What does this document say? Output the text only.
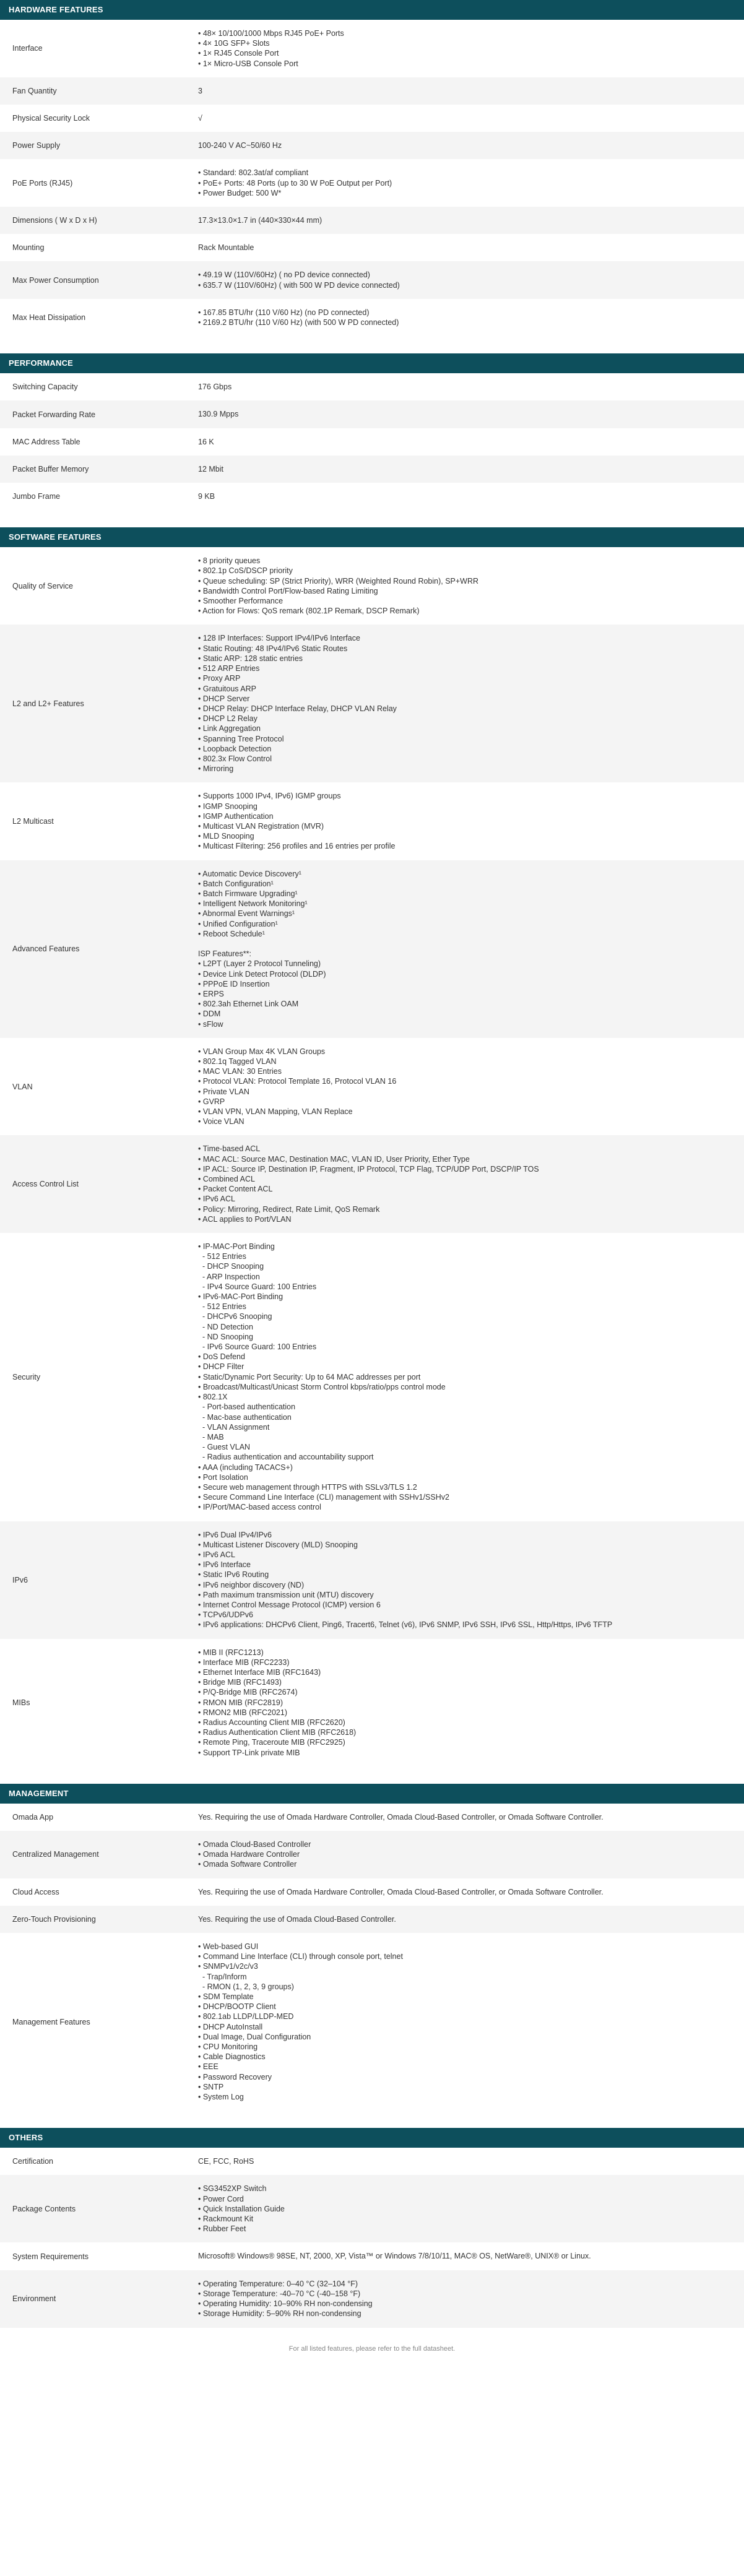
HARDWARE FEATURES
Interface
• 48× 10/100/1000 Mbps RJ45 PoE+ Ports
• 4× 10G SFP+ Slots
• 1× RJ45 Console Port
• 1× Micro-USB Console Port
Fan Quantity	3
Physical Security Lock	√
Power Supply	100-240 V AC~50/60 Hz
PoE Ports (RJ45)
• Standard: 802.3at/af compliant
• PoE+ Ports: 48 Ports (up to 30 W PoE Output per Port)
• Power Budget: 500 W*
Dimensions ( W x D x H)	17.3×13.0×1.7 in (440×330×44 mm)
Mounting	Rack Mountable
Max Power Consumption
• 49.19 W (110V/60Hz) ( no PD device connected)
• 635.7 W (110V/60Hz) ( with 500 W PD device connected)
Max Heat Dissipation
• 167.85 BTU/hr (110 V/60 Hz) (no PD connected)
• 2169.2 BTU/hr (110 V/60 Hz) (with 500 W PD connected)
PERFORMANCE
Switching Capacity	176 Gbps
Packet Forwarding Rate	130.9 Mpps
MAC Address Table	16 K
Packet Buffer Memory	12 Mbit
Jumbo Frame	9 KB
SOFTWARE FEATURES
Quality of Service
• 8 priority queues
• 802.1p CoS/DSCP priority
• Queue scheduling: SP (Strict Priority), WRR (Weighted Round Robin), SP+WRR
• Bandwidth Control Port/Flow-based Rating Limiting
• Smoother Performance
• Action for Flows: QoS remark (802.1P Remark, DSCP Remark)
L2 and L2+ Features
• 128 IP Interfaces: Support IPv4/IPv6 Interface
• Static Routing: 48 IPv4/IPv6 Static Routes
• Static ARP: 128 static entries
• 512 ARP Entries
• Proxy ARP
• Gratuitous ARP
• DHCP Server
• DHCP Relay: DHCP Interface Relay, DHCP VLAN Relay
• DHCP L2 Relay
• Link Aggregation
• Spanning Tree Protocol
• Loopback Detection
• 802.3x Flow Control
• Mirroring
L2 Multicast
• Supports 1000 IPv4, IPv6) IGMP groups
• IGMP Snooping
• IGMP Authentication
• Multicast VLAN Registration (MVR)
• MLD Snooping
• Multicast Filtering: 256 profiles and 16 entries per profile
Advanced Features
• Automatic Device Discovery¹
• Batch Configuration¹
• Batch Firmware Upgrading¹
• Intelligent Network Monitoring¹
• Abnormal Event Warnings¹
• Unified Configuration¹
• Reboot Schedule¹

ISP Features**:
• L2PT (Layer 2 Protocol Tunneling)
• Device Link Detect Protocol (DLDP)
• PPPoE ID Insertion
• ERPS
• 802.3ah Ethernet Link OAM
• DDM
• sFlow
VLAN
• VLAN Group Max 4K VLAN Groups
• 802.1q Tagged VLAN
• MAC VLAN: 30 Entries
• Protocol VLAN: Protocol Template 16, Protocol VLAN 16
• Private VLAN
• GVRP
• VLAN VPN, VLAN Mapping, VLAN Replace
• Voice VLAN
Access Control List
• Time-based ACL
• MAC ACL: Source MAC, Destination MAC, VLAN ID, User Priority, Ether Type
• IP ACL: Source IP, Destination IP, Fragment, IP Protocol, TCP Flag, TCP/UDP Port, DSCP/IP TOS
• Combined ACL
• Packet Content ACL
• IPv6 ACL
• Policy: Mirroring, Redirect, Rate Limit, QoS Remark
• ACL applies to Port/VLAN
Security
• IP-MAC-Port Binding
- 512 Entries
- DHCP Snooping
- ARP Inspection
- IPv4 Source Guard: 100 Entries
• IPv6-MAC-Port Binding
- 512 Entries
- DHCPv6 Snooping
- ND Detection
- ND Snooping
- IPv6 Source Guard: 100 Entries
• DoS Defend
• DHCP Filter
• Static/Dynamic Port Security: Up to 64 MAC addresses per port
• Broadcast/Multicast/Unicast Storm Control kbps/ratio/pps control mode
• 802.1X
- Port-based authentication
- Mac-base authentication
- VLAN Assignment
- MAB
- Guest VLAN
- Radius authentication and accountability support
• AAA (including TACACS+)
• Port Isolation
• Secure web management through HTTPS with SSLv3/TLS 1.2
• Secure Command Line Interface (CLI) management with SSHv1/SSHv2
• IP/Port/MAC-based access control
IPv6
• IPv6 Dual IPv4/IPv6
• Multicast Listener Discovery (MLD) Snooping
• IPv6 ACL
• IPv6 Interface
• Static IPv6 Routing
• IPv6 neighbor discovery (ND)
• Path maximum transmission unit (MTU) discovery
• Internet Control Message Protocol (ICMP) version 6
• TCPv6/UDPv6
• IPv6 applications: DHCPv6 Client, Ping6, Tracert6, Telnet (v6), IPv6 SNMP, IPv6 SSH, IPv6 SSL, Http/Https, IPv6 TFTP
MIBs
• MIB II (RFC1213)
• Interface MIB (RFC2233)
• Ethernet Interface MIB (RFC1643)
• Bridge MIB (RFC1493)
• P/Q-Bridge MIB (RFC2674)
• RMON MIB (RFC2819)
• RMON2 MIB (RFC2021)
• Radius Accounting Client MIB (RFC2620)
• Radius Authentication Client MIB (RFC2618)
• Remote Ping, Traceroute MIB (RFC2925)
• Support TP-Link private MIB
MANAGEMENT
Omada App	Yes. Requiring the use of Omada Hardware Controller, Omada Cloud-Based Controller, or Omada Software Controller.
Centralized Management
• Omada Cloud-Based Controller
• Omada Hardware Controller
• Omada Software Controller
Cloud Access	Yes. Requiring the use of Omada Hardware Controller, Omada Cloud-Based Controller, or Omada Software Controller.
Zero-Touch Provisioning	Yes. Requiring the use of Omada Cloud-Based Controller.
Management Features
• Web-based GUI
• Command Line Interface (CLI) through console port, telnet
• SNMPv1/v2c/v3
- Trap/Inform
- RMON (1, 2, 3, 9 groups)
• SDM Template
• DHCP/BOOTP Client
• 802.1ab LLDP/LLDP-MED
• DHCP AutoInstall
• Dual Image, Dual Configuration
• CPU Monitoring
• Cable Diagnostics
• EEE
• Password Recovery
• SNTP
• System Log
OTHERS
Certification	CE, FCC, RoHS
Package Contents
• SG3452XP Switch
• Power Cord
• Quick Installation Guide
• Rackmount Kit
• Rubber Feet
System Requirements	Microsoft® Windows® 98SE, NT, 2000, XP, Vista™ or Windows 7/8/10/11, MAC® OS, NetWare®, UNIX® or Linux.
Environment
• Operating Temperature: 0–40 °C (32–104 °F)
• Storage Temperature: -40–70 °C (-40–158 °F)
• Operating Humidity: 10–90% RH non-condensing
• Storage Humidity: 5–90% RH non-condensing
For all listed features, please refer to the full datasheet.
